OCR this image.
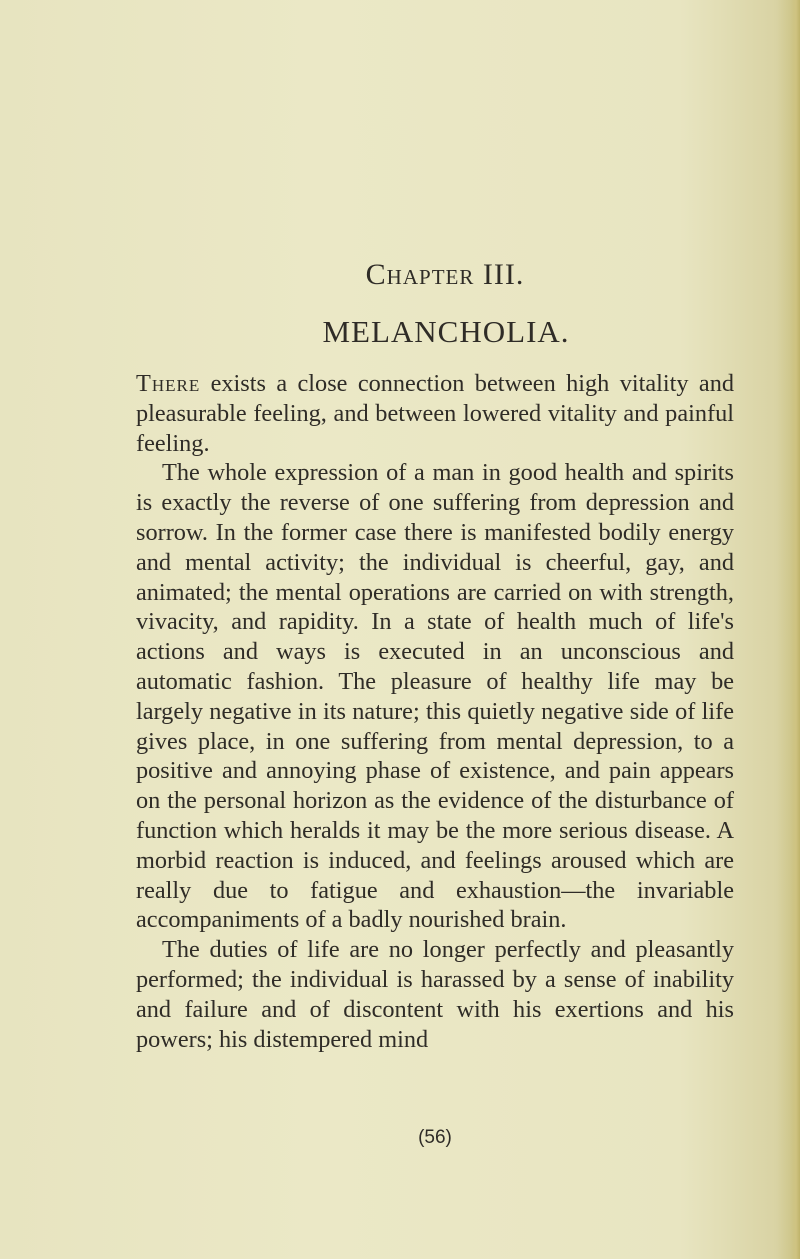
Chapter III.
MELANCHOLIA.

There exists a close connection between high vitality and pleasurable feeling, and between lowered vitality and painful feeling.

The whole expression of a man in good health and spirits is exactly the reverse of one suffering from depression and sorrow. In the former case there is manifested bodily energy and mental activity; the individual is cheerful, gay, and animated; the mental operations are carried on with strength, vivacity, and rapidity. In a state of health much of life's actions and ways is executed in an unconscious and automatic fashion. The pleasure of healthy life may be largely negative in its nature; this quietly negative side of life gives place, in one suffering from mental depression, to a positive and annoying phase of existence, and pain appears on the personal horizon as the evidence of the disturbance of function which heralds it may be the more serious disease. A morbid reaction is induced, and feelings aroused which are really due to fatigue and exhaustion—the invariable accompaniments of a badly nourished brain.

The duties of life are no longer perfectly and pleasantly performed; the individual is harassed by a sense of inability and failure and of discontent with his exertions and his powers; his distempered mind

(56)
